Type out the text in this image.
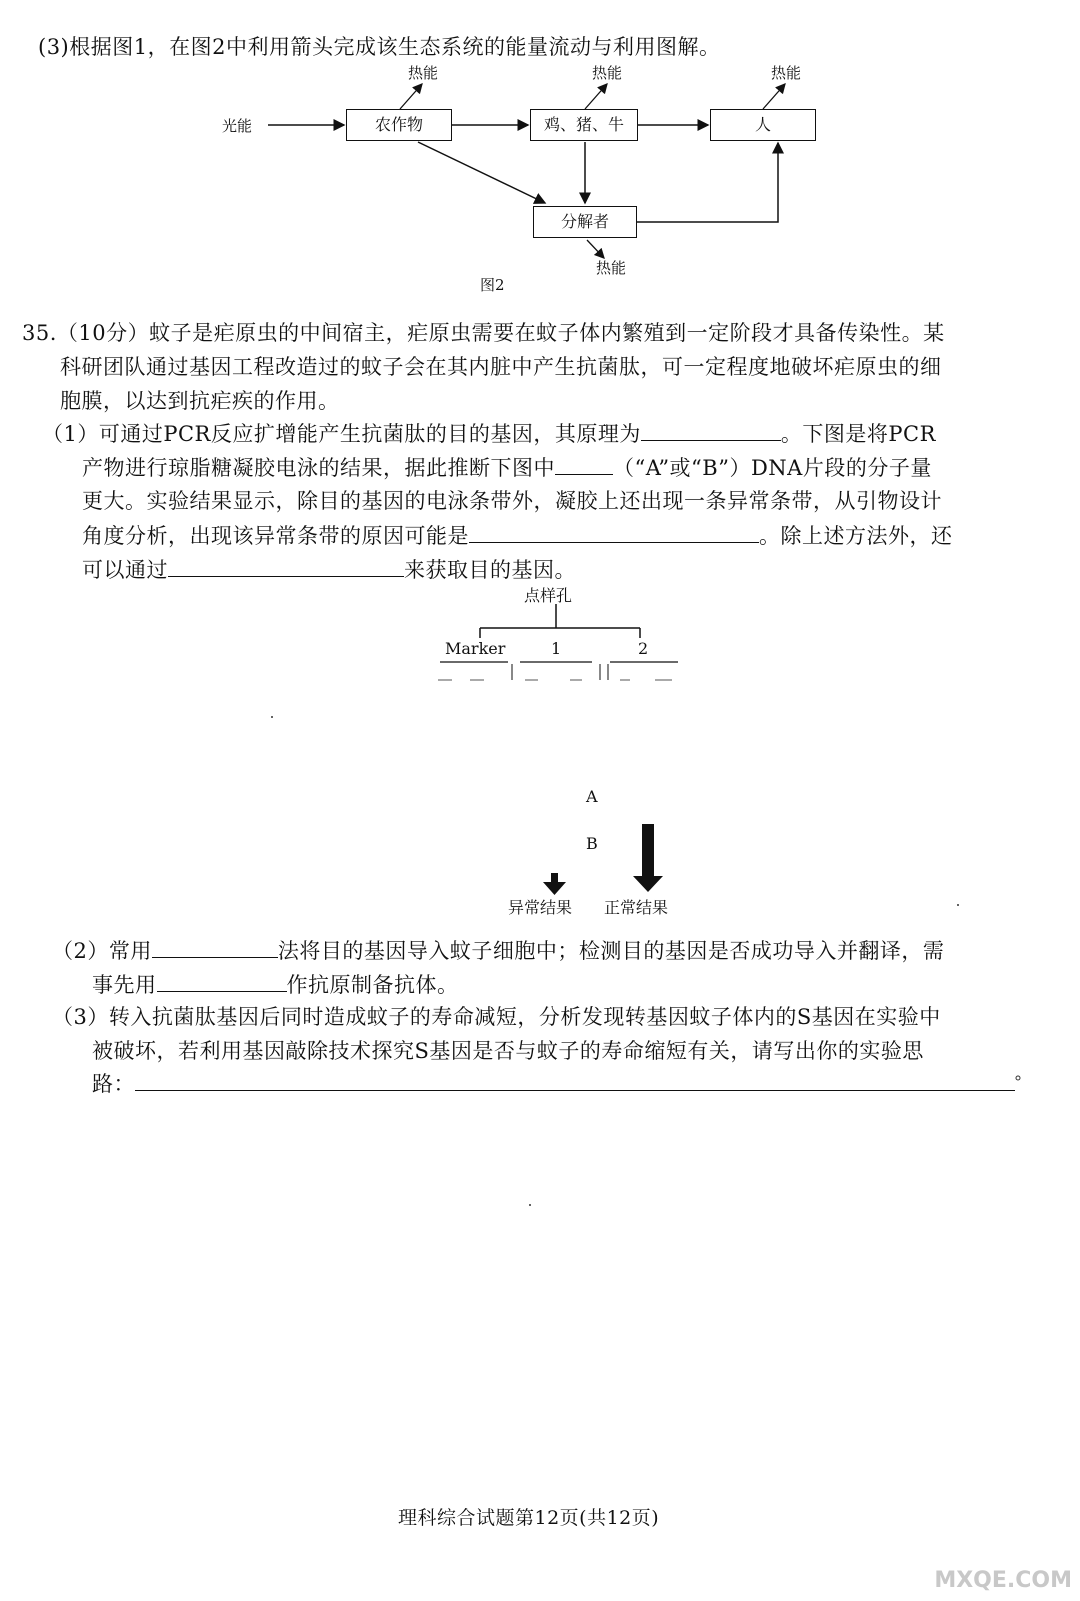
(3)根据图1，在图2中利用箭头完成该生态系统的能量流动与利用图解。
光能	农作物	鸡、猪、牛	人
分解者
热能	热能	热能
热能
图2
35.（10分）蚊子是疟原虫的中间宿主，疟原虫需要在蚊子体内繁殖到一定阶段才具备传染性。某
科研团队通过基因工程改造过的蚊子会在其内脏中产生抗菌肽，可一定程度地破坏疟原虫的细
胞膜，以达到抗疟疾的作用。
（1）可通过PCR反应扩增能产生抗菌肽的目的基因，其原理为	。下图是将PCR
产物进行琼脂糖凝胶电泳的结果，据此推断下图中	（“A”或“B”）DNA片段的分子量
更大。实验结果显示，除目的基因的电泳条带外，凝胶上还出现一条异常条带，从引物设计
角度分析，出现该异常条带的原因可能是	。除上述方法外，还
可以通过	来获取目的基因。
点样孔
Marker	1	2
A
B
异常结果 正常结果
（2）常用	法将目的基因导入蚊子细胞中；检测目的基因是否成功导入并翻译，需
事先用	作抗原制备抗体。
（3）转入抗菌肽基因后同时造成蚊子的寿命减短，分析发现转基因蚊子体内的S基因在实验中
被破坏，若利用基因敲除技术探究S基因是否与蚊子的寿命缩短有关，请写出你的实验思
路：
理科综合试题第12页(共12页)
MXQE.COM
